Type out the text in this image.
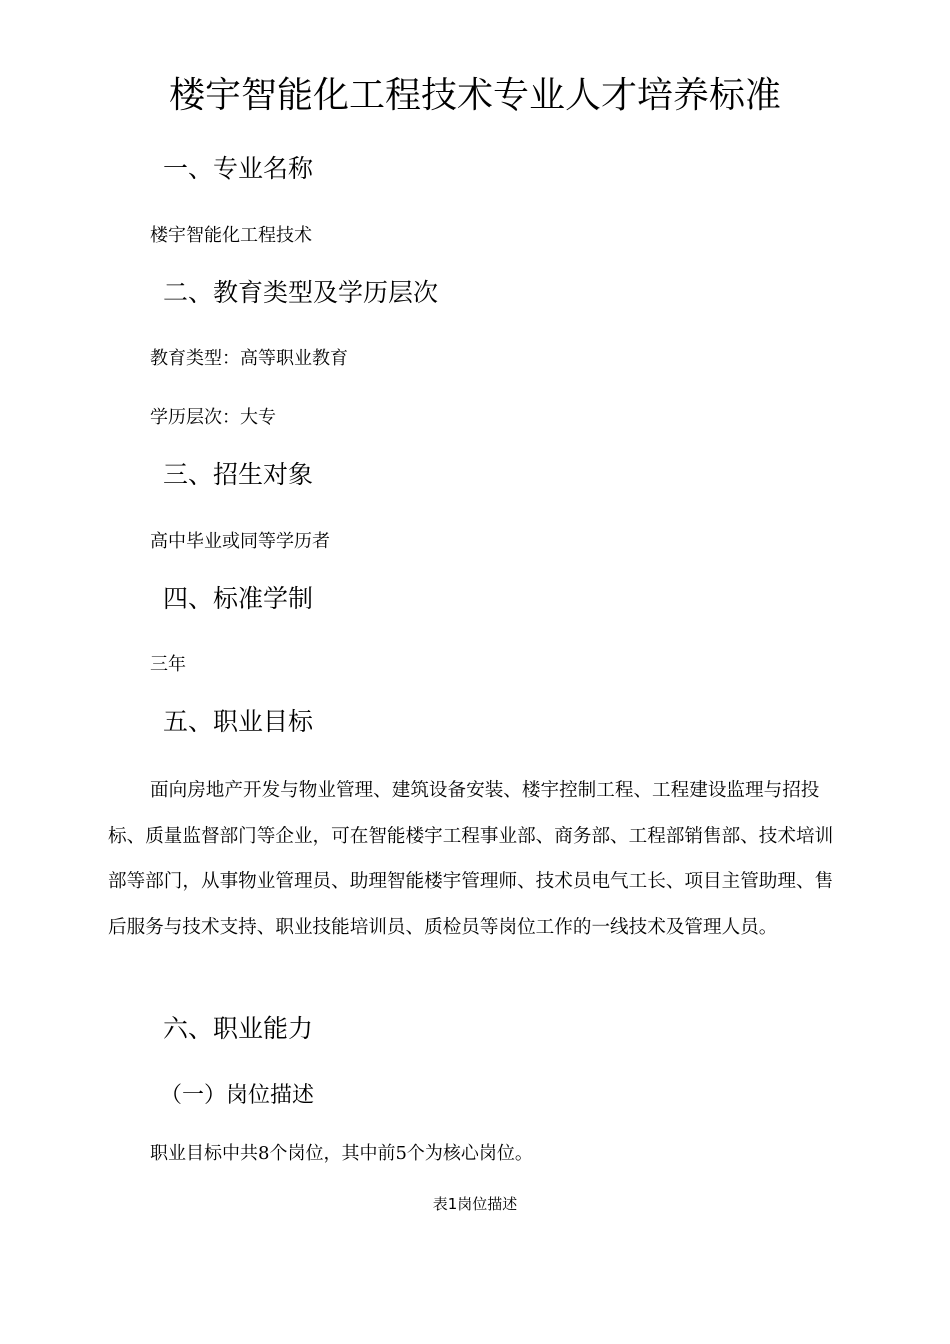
楼宇智能化工程技术专业人才培养标准
一、专业名称
楼宇智能化工程技术
二、教育类型及学历层次
教育类型：高等职业教育
学历层次：大专
三、招生对象
高中毕业或同等学历者
四、标准学制
三年
五、职业目标
面向房地产开发与物业管理、建筑设备安装、楼宇控制工程、工程建设监理与招投标、质量监督部门等企业，可在智能楼宇工程事业部、商务部、工程部销售部、技术培训部等部门，从事物业管理员、助理智能楼宇管理师、技术员电气工长、项目主管助理、售后服务与技术支持、职业技能培训员、质检员等岗位工作的一线技术及管理人员。
六、职业能力
（一）岗位描述
职业目标中共8个岗位，其中前5个为核心岗位。
表1岗位描述
